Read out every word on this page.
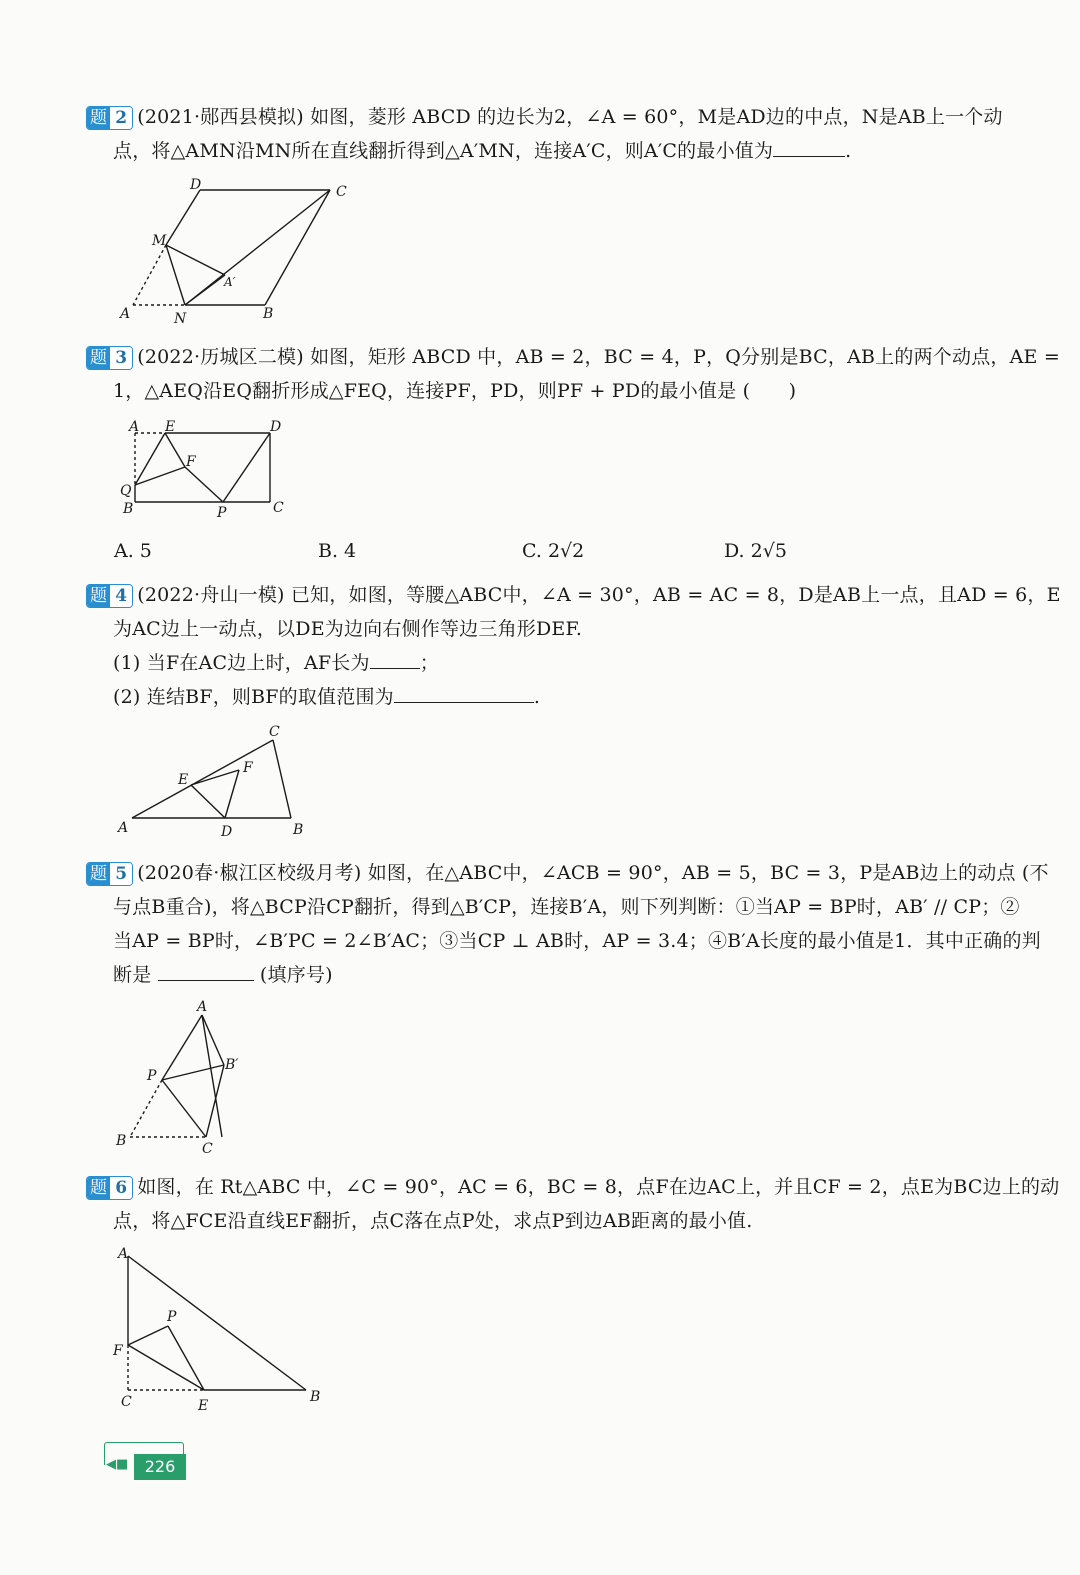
题 2 (2021·郧西县模拟) 如图，菱形 ABCD 的边长为2，∠A = 60°，M是AD边的中点，N是AB上一个动
点，将△AMN沿MN所在直线翻折得到△A′MN，连接A′C，则A′C的最小值为	.
D	C
M
A′
A	N	B
题 3 (2022·历城区二模) 如图，矩形 ABCD 中，AB = 2，BC = 4，P，Q分别是BC，AB上的两个动点，AE =
1，△AEQ沿EQ翻折形成△FEQ，连接PF，PD，则PF + PD的最小值是 (　　)
A E	D
F
Q
B	P	C
A. 5	B. 4	C. 2√2	D. 2√5
题 4 (2022·舟山一模) 已知，如图，等腰△ABC中，∠A = 30°，AB = AC = 8，D是AB上一点，且AD = 6，E
为AC边上一动点，以DE为边向右侧作等边三角形DEF.
(1) 当F在AC边上时，AF长为	；
(2) 连结BF，则BF的取值范围为	.
C
F
E
A	D	B
题 5 (2020春·椒江区校级月考) 如图，在△ABC中，∠ACB = 90°，AB = 5，BC = 3，P是AB边上的动点 (不
与点B重合)，将△BCP沿CP翻折，得到△B′CP，连接B′A，则下列判断：①当AP = BP时，AB′ // CP；②
当AP = BP时，∠B′PC = 2∠B′AC；③当CP ⊥ AB时，AP = 3.4；④B′A长度的最小值是1．其中正确的判
断是	(填序号)
A
B′
P
B	C
题 6 如图，在 Rt△ABC 中，∠C = 90°，AC = 6，BC = 8，点F在边AC上，并且CF = 2，点E为BC边上的动
点，将△FCE沿直线EF翻折，点C落在点P处，求点P到边AB距离的最小值.
A
P
F
C	E
B
◀■	226
